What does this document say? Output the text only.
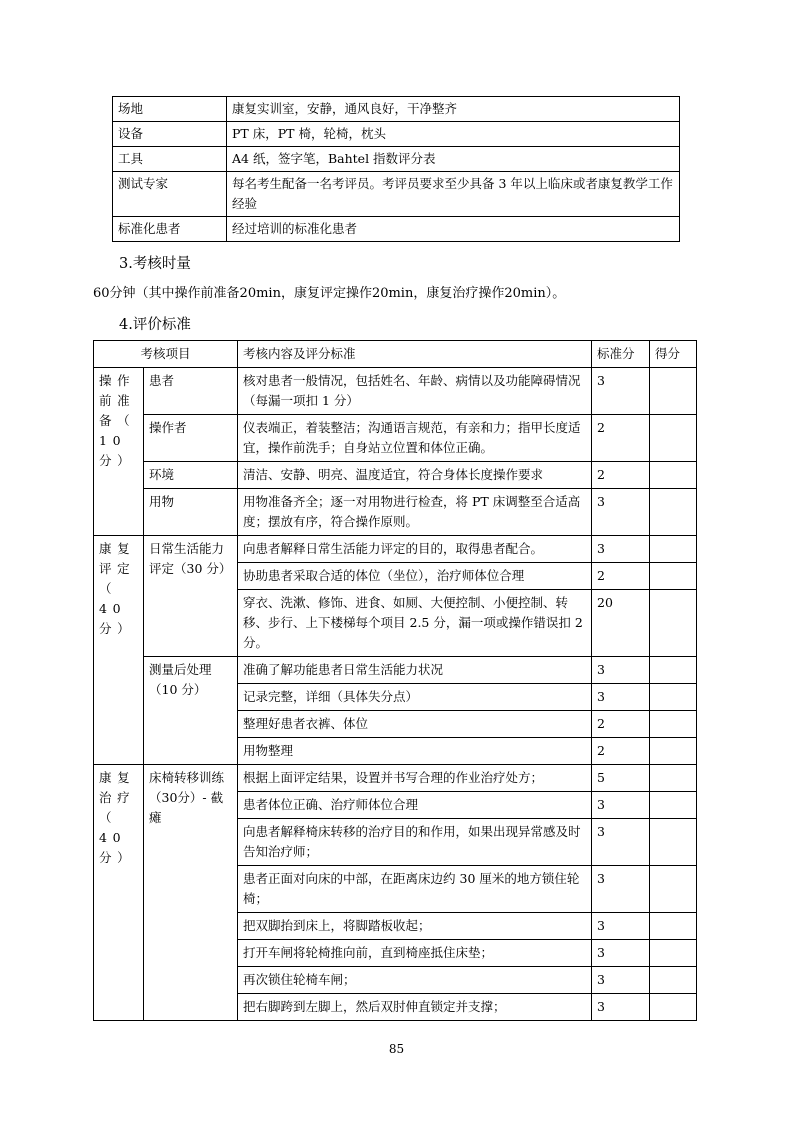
场地	康复实训室，安静，通风良好，干净整齐
设备	PT 床，PT 椅，轮椅，枕头
工具	A4 纸，签字笔，Bahtel 指数评分表
测试专家	每名考生配备一名考评员。考评员要求至少具备 3 年以上临床或者康复教学工作经验
标准化患者	经过培训的标准化患者
3.考核时量
60分钟（其中操作前准备20min，康复评定操作20min，康复治疗操作20min）。
4.评价标准
考核项目		考核内容及评分标准	标准分	得分
操作前准备（ 10 分）	患者	核对患者一般情况，包括姓名、年龄、病情以及功能障碍情况（每漏一项扣 1 分）	3	
	操作者	仪表端正，着装整洁；沟通语言规范，有亲和力；指甲长度适宜，操作前洗手；自身站立位置和体位正确。	2	
	环境	清洁、安静、明亮、温度适宜，符合身体长度操作要求	2	
	用物	用物准备齐全；逐一对用物进行检查，将 PT 床调整至合适高度；摆放有序，符合操作原则。	3	
康复评定（ 40 分）	日常生活能力评定（30 分）	向患者解释日常生活能力评定的目的，取得患者配合。	3	
		协助患者采取合适的体位（坐位），治疗师体位合理	2	
		穿衣、洗漱、修饰、进食、如厕、大便控制、小便控制、转移、步行、上下楼梯每个项目 2.5 分，漏一项或操作错误扣 2 分。	20	
	测量后处理（10 分）	准确了解功能患者日常生活能力状况	3	
		记录完整，详细（具体失分点）	3	
		整理好患者衣裤、体位	2	
		用物整理	2	
康复治疗（ 40 分）	床椅转移训练（30分）- 截瘫	根据上面评定结果，设置并书写合理的作业治疗处方；	5	
		患者体位正确、治疗师体位合理	3	
		向患者解释椅床转移的治疗目的和作用，如果出现异常感及时告知治疗师；	3	
		患者正面对向床的中部，在距离床边约 30 厘米的地方锁住轮椅；	3	
		把双脚抬到床上，将脚踏板收起；	3	
		打开车闸将轮椅推向前，直到椅座抵住床垫；	3	
		再次锁住轮椅车闸；	3	
		把右脚跨到左脚上，然后双肘伸直锁定并支撑；	3	
85
